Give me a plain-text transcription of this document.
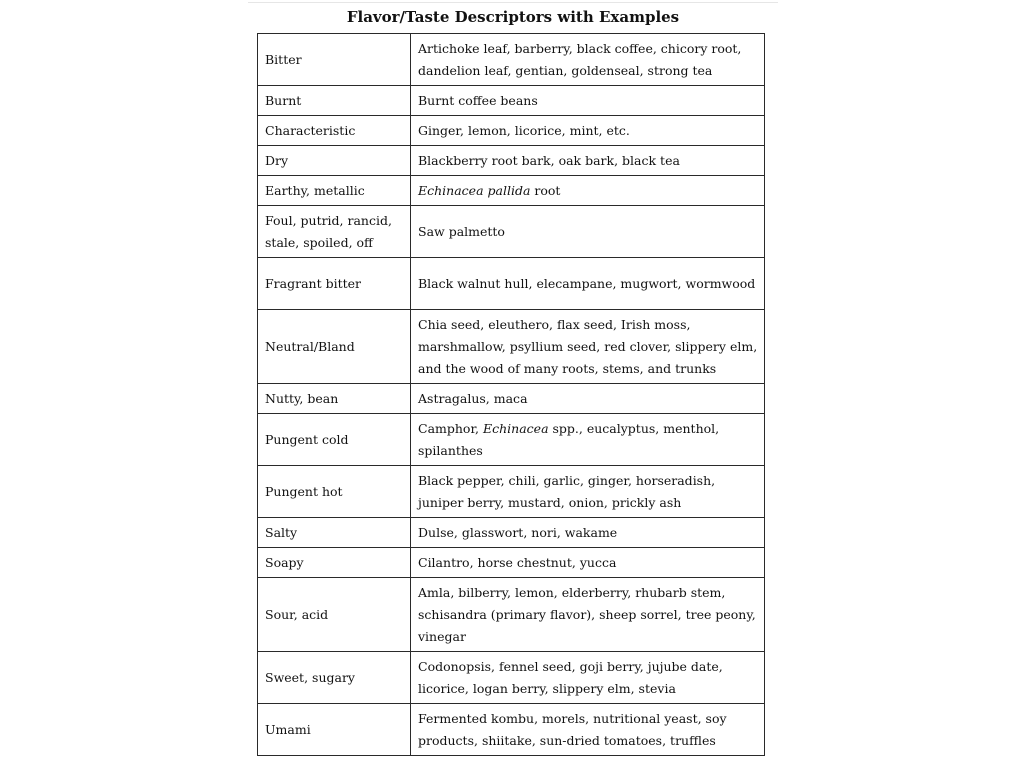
Flavor/Taste Descriptors with Examples
Bitter	Artichoke leaf, barberry, black coffee, chicory root, dandelion leaf, gentian, goldenseal, strong tea
Burnt	Burnt coffee beans
Characteristic	Ginger, lemon, licorice, mint, etc.
Dry	Blackberry root bark, oak bark, black tea
Earthy, metallic	Echinacea pallida root
Foul, putrid, rancid, stale, spoiled, off	Saw palmetto
Fragrant bitter	Black walnut hull, elecampane, mugwort, wormwood
Neutral/Bland	Chia seed, eleuthero, flax seed, Irish moss, marshmallow, psyllium seed, red clover, slippery elm, and the wood of many roots, stems, and trunks
Nutty, bean	Astragalus, maca
Pungent cold	Camphor, Echinacea spp., eucalyptus, menthol, spilanthes
Pungent hot	Black pepper, chili, garlic, ginger, horseradish, juniper berry, mustard, onion, prickly ash
Salty	Dulse, glasswort, nori, wakame
Soapy	Cilantro, horse chestnut, yucca
Sour, acid	Amla, bilberry, lemon, elderberry, rhubarb stem, schisandra (primary flavor), sheep sorrel, tree peony, vinegar
Sweet, sugary	Codonopsis, fennel seed, goji berry, jujube date, licorice, logan berry, slippery elm, stevia
Umami	Fermented kombu, morels, nutritional yeast, soy products, shiitake, sun-dried tomatoes, truffles
